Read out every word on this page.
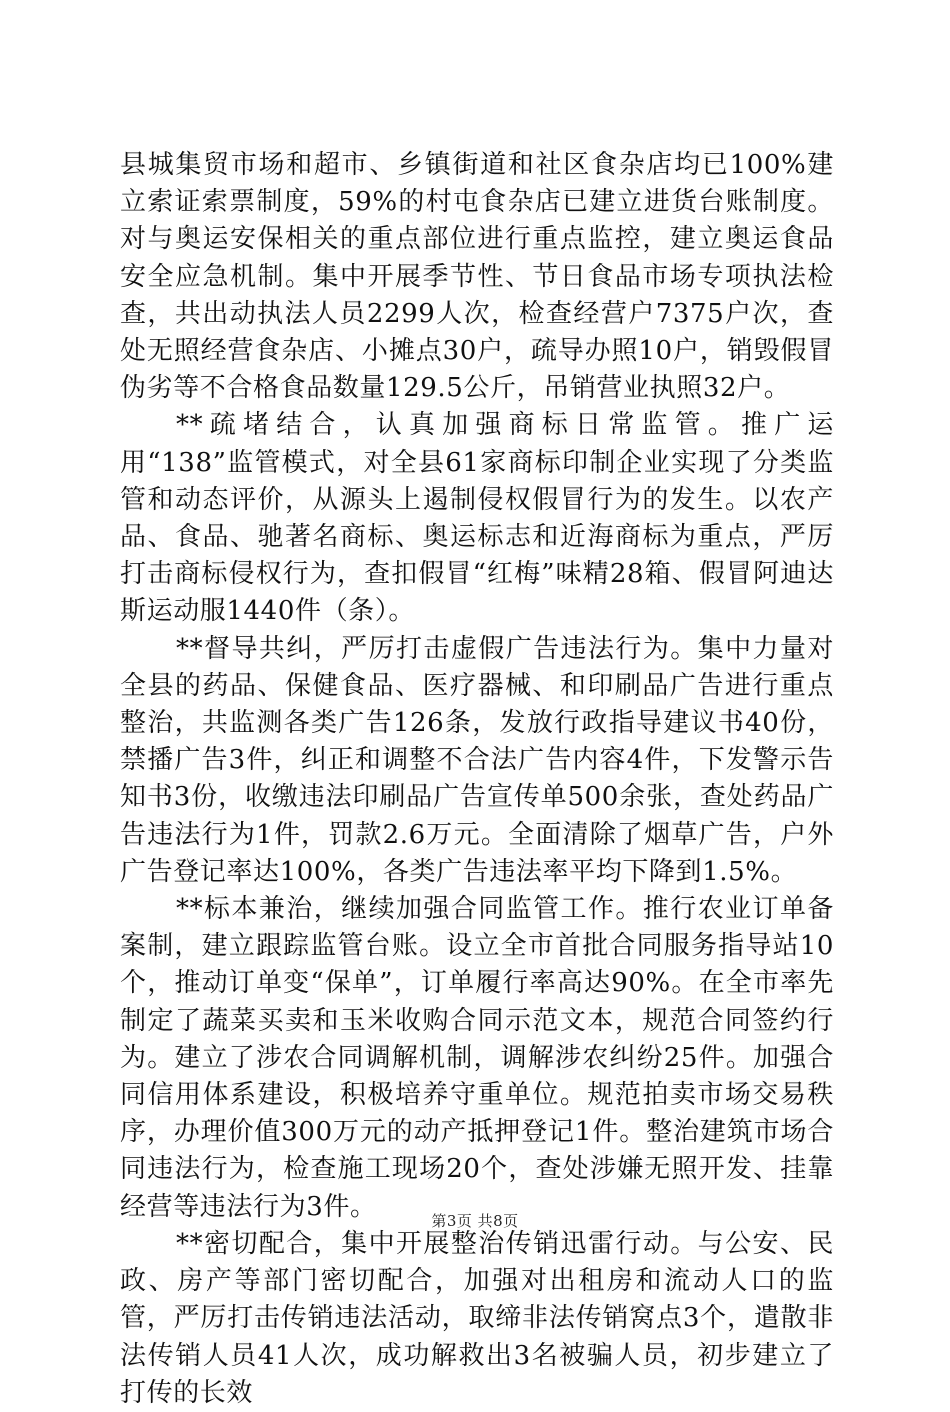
县城集贸市场和超市、乡镇街道和社区食杂店均已100%建立索证索票制度，59%的村屯食杂店已建立进货台账制度。对与奥运安保相关的重点部位进行重点监控，建立奥运食品安全应急机制。集中开展季节性、节日食品市场专项执法检查，共出动执法人员2299人次，检查经营户7375户次，查处无照经营食杂店、小摊点30户，疏导办照10户，销毁假冒伪劣等不合格食品数量129.5公斤，吊销营业执照32户。

**疏堵结合，认真加强商标日常监管。推广运用“138”监管模式，对全县61家商标印制企业实现了分类监管和动态评价，从源头上遏制侵权假冒行为的发生。以农产品、食品、驰著名商标、奥运标志和近海商标为重点，严厉打击商标侵权行为，查扣假冒“红梅”味精28箱、假冒阿迪达斯运动服1440件（条）。

**督导共纠，严厉打击虚假广告违法行为。集中力量对全县的药品、保健食品、医疗器械、和印刷品广告进行重点整治，共监测各类广告126条，发放行政指导建议书40份，禁播广告3件，纠正和调整不合法广告内容4件，下发警示告知书3份，收缴违法印刷品广告宣传单500余张，查处药品广告违法行为1件，罚款2.6万元。全面清除了烟草广告，户外广告登记率达100%，各类广告违法率平均下降到1.5%。

**标本兼治，继续加强合同监管工作。推行农业订单备案制，建立跟踪监管台账。设立全市首批合同服务指导站10个，推动订单变“保单”，订单履行率高达90%。在全市率先制定了蔬菜买卖和玉米收购合同示范文本，规范合同签约行为。建立了涉农合同调解机制，调解涉农纠纷25件。加强合同信用体系建设，积极培养守重单位。规范拍卖市场交易秩序，办理价值300万元的动产抵押登记1件。整治建筑市场合同违法行为，检查施工现场20个，查处涉嫌无照开发、挂靠经营等违法行为3件。

**密切配合，集中开展整治传销迅雷行动。与公安、民政、房产等部门密切配合，加强对出租房和流动人口的监管，严厉打击传销违法活动，取缔非法传销窝点3个，遣散非法传销人员41人次，成功解救出3名被骗人员，初步建立了打传的长效

第3页 共8页
